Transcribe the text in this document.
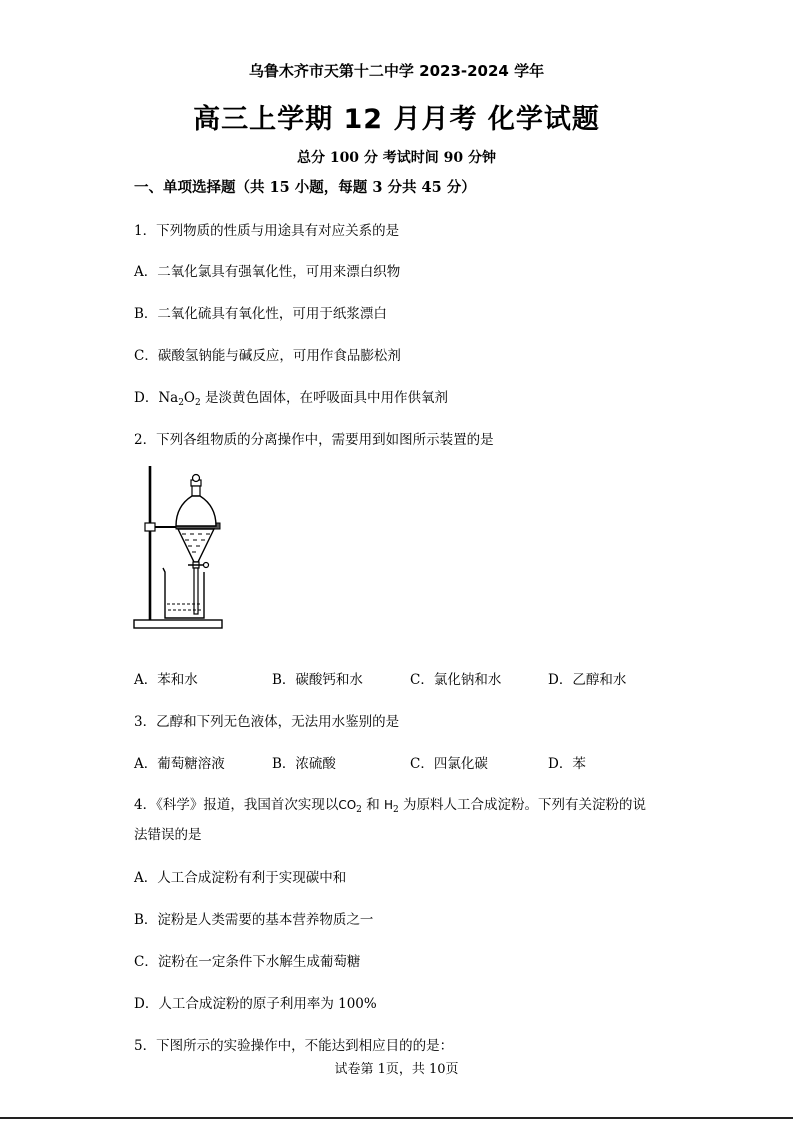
乌鲁木齐市天第十二中学 2023-2024 学年
高三上学期 12 月月考 化学试题
总分 100 分 考试时间 90 分钟
一、单项选择题（共 15 小题，每题 3 分共 45 分）
1．下列物质的性质与用途具有对应关系的是
A．二氧化氯具有强氧化性，可用来漂白织物
B．二氧化硫具有氧化性，可用于纸浆漂白
C．碳酸氢钠能与碱反应，可用作食品膨松剂
D．$Na_2O_2$ 是淡黄色固体，在呼吸面具中用作供氧剂
2．下列各组物质的分离操作中，需要用到如图所示装置的是
A．苯和水	B．碳酸钙和水	C．氯化钠和水	D．乙醇和水
3．乙醇和下列无色液体，无法用水鉴别的是
A．葡萄糖溶液	B．浓硫酸	C．四氯化碳	D．苯
4．《科学》报道，我国首次实现以$CO_2$ 和 $H_2$ 为原料人工合成淀粉。下列有关淀粉的说
法错误的是
A．人工合成淀粉有利于实现碳中和
B．淀粉是人类需要的基本营养物质之一
C．淀粉在一定条件下水解生成葡萄糖
D．人工合成淀粉的原子利用率为 100%
5．下图所示的实验操作中，不能达到相应目的的是：
试卷第 1页，共 10页
